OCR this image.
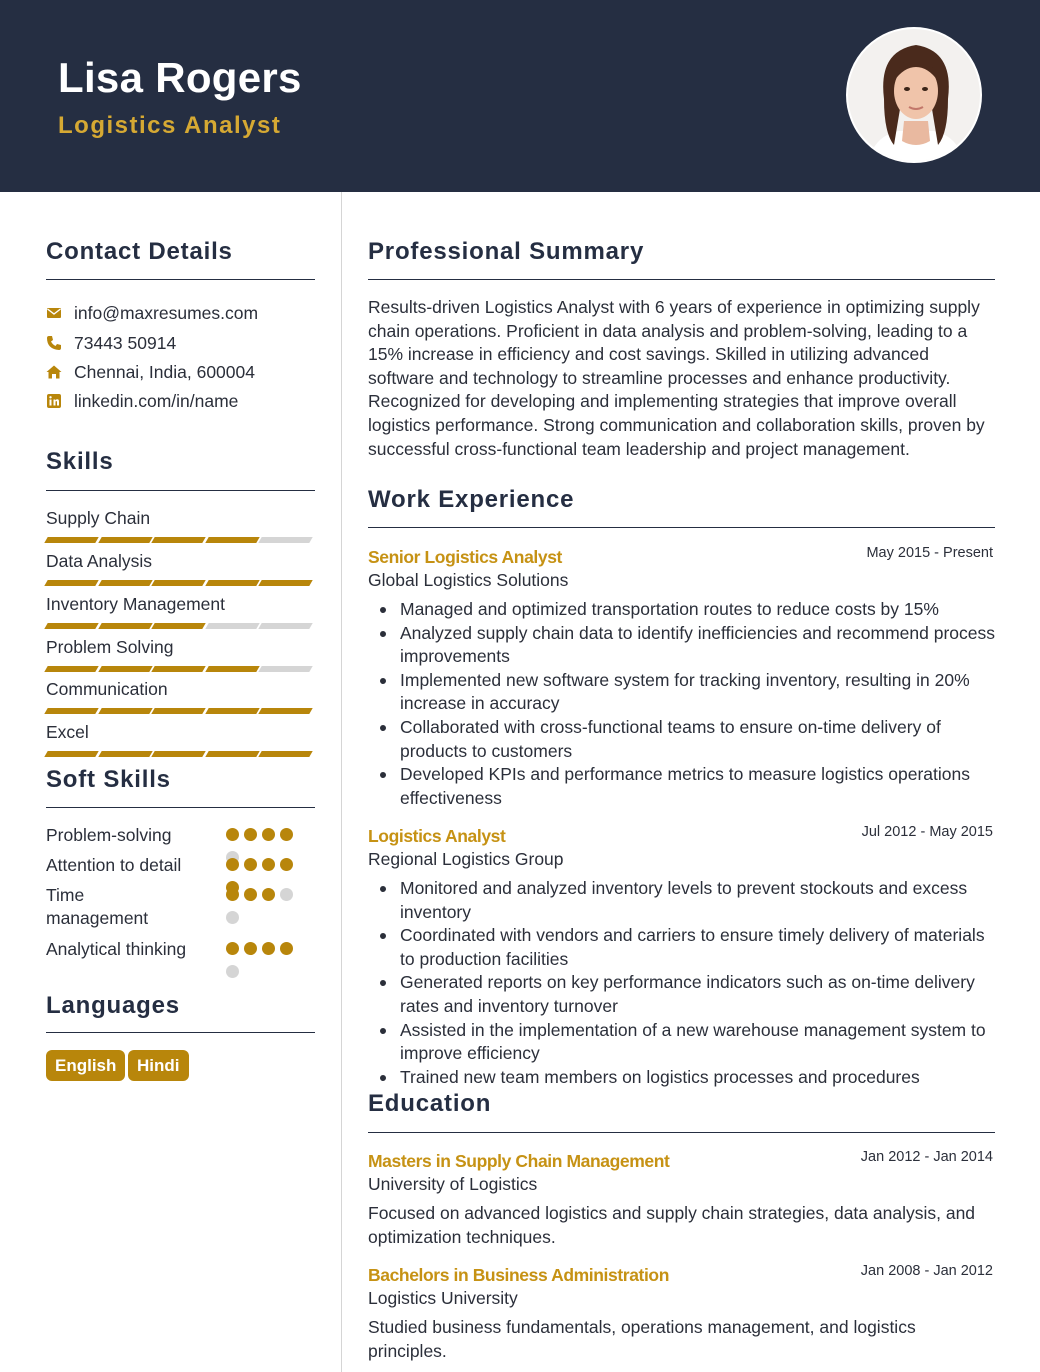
Lisa Rogers
Logistics Analyst
Contact Details
info@maxresumes.com
73443 50914
Chennai, India, 600004
linkedin.com/in/name
Skills
Supply Chain
Data Analysis
Inventory Management
Problem Solving
Communication
Excel
Soft Skills
Problem-solving
Attention to detail
Time
management
Analytical thinking
Languages
English	Hindi
Professional Summary
Results-driven Logistics Analyst with 6 years of experience in optimizing supply chain operations. Proficient in data analysis and problem-solving, leading to a 15% increase in efficiency and cost savings. Skilled in utilizing advanced software and technology to streamline processes and enhance productivity. Recognized for developing and implementing strategies that improve overall logistics performance. Strong communication and collaboration skills, proven by successful cross-functional team leadership and project management.
Work Experience
Senior Logistics Analyst	May 2015 - Present
Global Logistics Solutions
Managed and optimized transportation routes to reduce costs by 15%
Analyzed supply chain data to identify inefficiencies and recommend process improvements
Implemented new software system for tracking inventory, resulting in 20% increase in accuracy
Collaborated with cross-functional teams to ensure on-time delivery of products to customers
Developed KPIs and performance metrics to measure logistics operations effectiveness
Logistics Analyst	Jul 2012 - May 2015
Regional Logistics Group
Monitored and analyzed inventory levels to prevent stockouts and excess inventory
Coordinated with vendors and carriers to ensure timely delivery of materials to production facilities
Generated reports on key performance indicators such as on-time delivery rates and inventory turnover
Assisted in the implementation of a new warehouse management system to improve efficiency
Trained new team members on logistics processes and procedures
Education
Masters in Supply Chain Management	Jan 2012 - Jan 2014
University of Logistics
Focused on advanced logistics and supply chain strategies, data analysis, and optimization techniques.
Bachelors in Business Administration	Jan 2008 - Jan 2012
Logistics University
Studied business fundamentals, operations management, and logistics principles.
